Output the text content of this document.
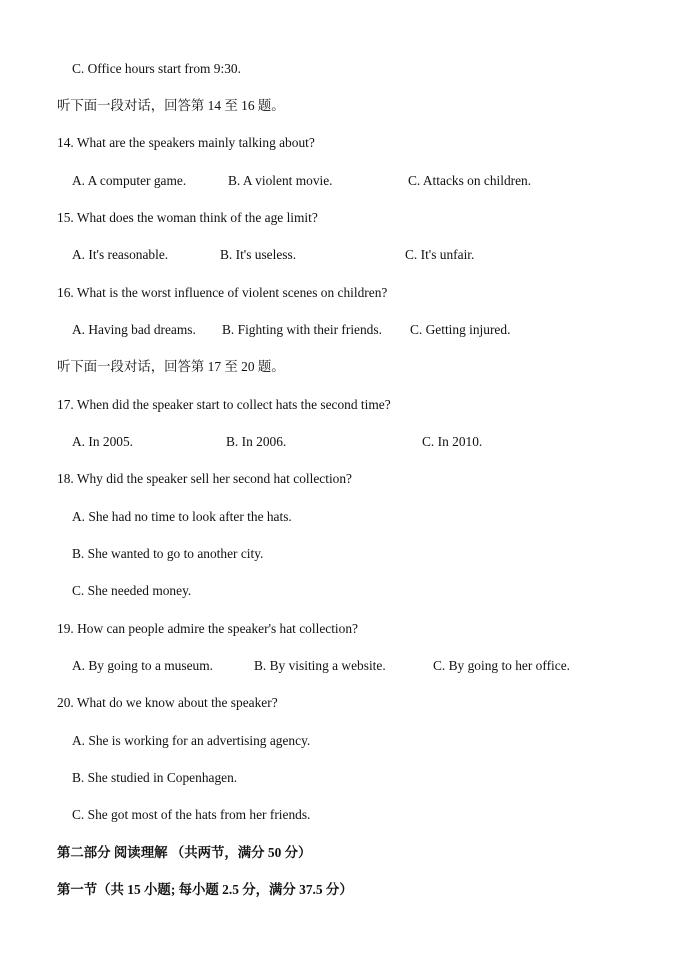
C. Office hours start from 9:30.
听下面一段对话，回答第 14 至 16 题。
14. What are the speakers mainly talking about?
A. A computer game.	B. A violent movie.	C. Attacks on children.
15. What does the woman think of the age limit?
A. It's reasonable.	B. It's useless.	C. It's unfair.
16. What is the worst influence of violent scenes on children?
A. Having bad dreams. B. Fighting with their friends. C. Getting injured.
听下面一段对话，回答第 17 至 20 题。
17. When did the speaker start to collect hats the second time?
A. In 2005.	B. In 2006.	C. In 2010.
18. Why did the speaker sell her second hat collection?
A. She had no time to look after the hats.
B. She wanted to go to another city.
C. She needed money.
19. How can people admire the speaker's hat collection?
A. By going to a museum.	B. By visiting a website.	C. By going to her office.
20. What do we know about the speaker?
A. She is working for an advertising agency.
B. She studied in Copenhagen.
C. She got most of the hats from her friends.
第二部分 阅读理解 （共两节，满分 50 分）
第一节（共 15 小题; 每小题 2.5 分，满分 37.5 分）
